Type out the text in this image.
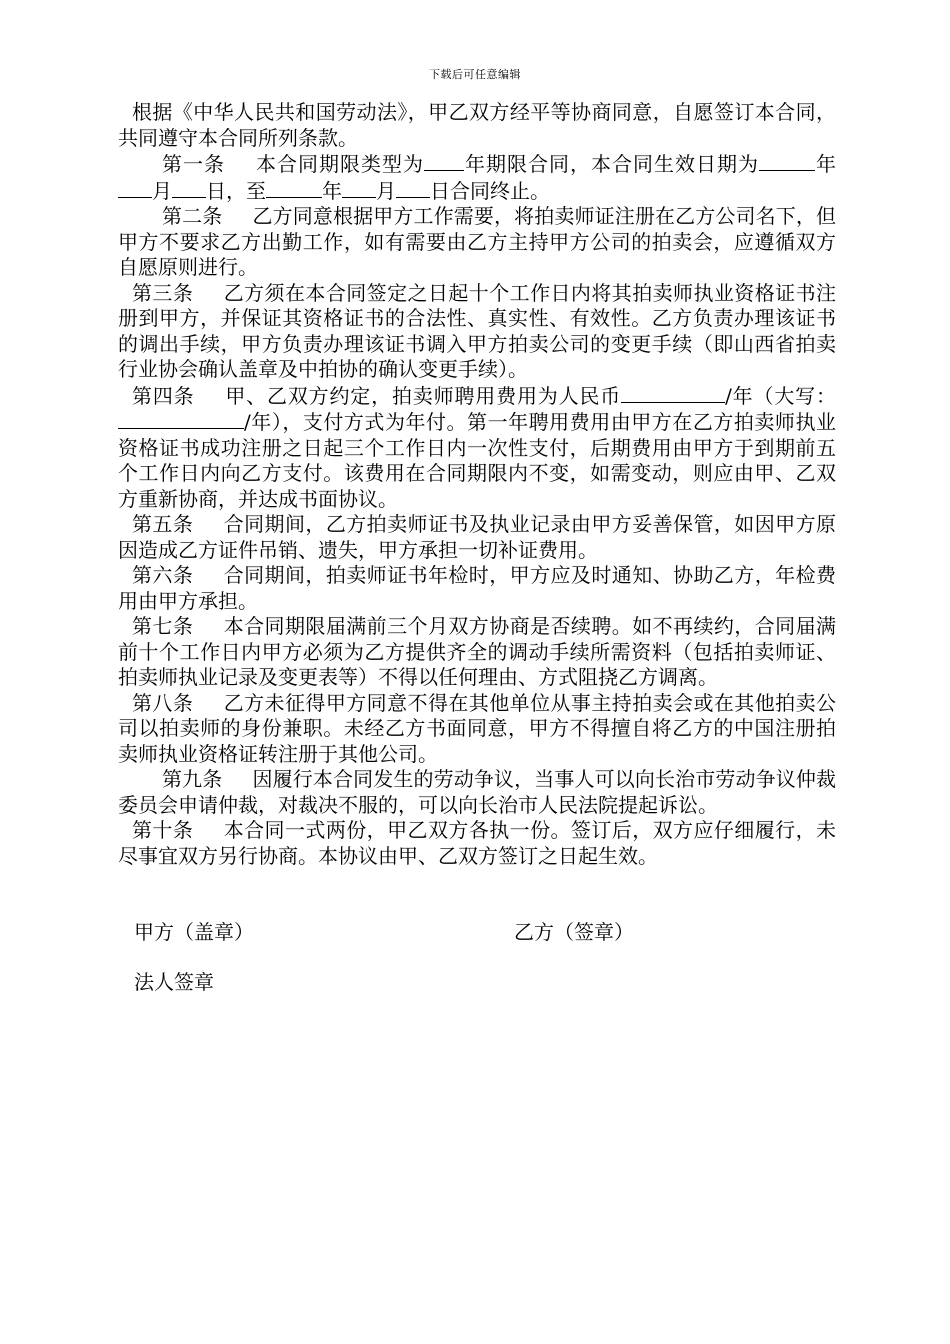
下载后可任意编辑

根据《中华人民共和国劳动法》，甲乙双方经平等协商同意，自愿签订本合同，共同遵守本合同所列条款。

第一条 本合同期限类型为 年期限合同，本合同生效日期为	年月 日，至	年 月 日合同终止。

第二条 乙方同意根据甲方工作需要，将拍卖师证注册在乙方公司名下，但甲方不要求乙方出勤工作，如有需要由乙方主持甲方公司的拍卖会，应遵循双方自愿原则进行。

第三条 乙方须在本合同签定之日起十个工作日内将其拍卖师执业资格证书注册到甲方，并保证其资格证书的合法性、真实性、有效性。乙方负责办理该证书的调出手续，甲方负责办理该证书调入甲方拍卖公司的变更手续（即山西省拍卖行业协会确认盖章及中拍协的确认变更手续）。

第四条 甲、乙双方约定，拍卖师聘用费用为人民币	/年（大写：/年），支付方式为年付。第一年聘用费用由甲方在乙方拍卖师执业资格证书成功注册之日起三个工作日内一次性支付，后期费用由甲方于到期前五个工作日内向乙方支付。该费用在合同期限内不变，如需变动，则应由甲、乙双方重新协商，并达成书面协议。

第五条 合同期间，乙方拍卖师证书及执业记录由甲方妥善保管，如因甲方原因造成乙方证件吊销、遗失，甲方承担一切补证费用。

第六条 合同期间，拍卖师证书年检时，甲方应及时通知、协助乙方，年检费用由甲方承担。

第七条 本合同期限届满前三个月双方协商是否续聘。如不再续约，合同届满前十个工作日内甲方必须为乙方提供齐全的调动手续所需资料（包括拍卖师证、拍卖师执业记录及变更表等）不得以任何理由、方式阻挠乙方调离。

第八条 乙方未征得甲方同意不得在其他单位从事主持拍卖会或在其他拍卖公司以拍卖师的身份兼职。未经乙方书面同意，甲方不得擅自将乙方的中国注册拍卖师执业资格证转注册于其他公司。

第九条 因履行本合同发生的劳动争议，当事人可以向长治市劳动争议仲裁委员会申请仲裁，对裁决不服的，可以向长治市人民法院提起诉讼。

第十条 本合同一式两份，甲乙双方各执一份。签订后，双方应仔细履行，未尽事宜双方另行协商。本协议由甲、乙双方签订之日起生效。

甲方（盖章）	乙方（签章）
法人签章
